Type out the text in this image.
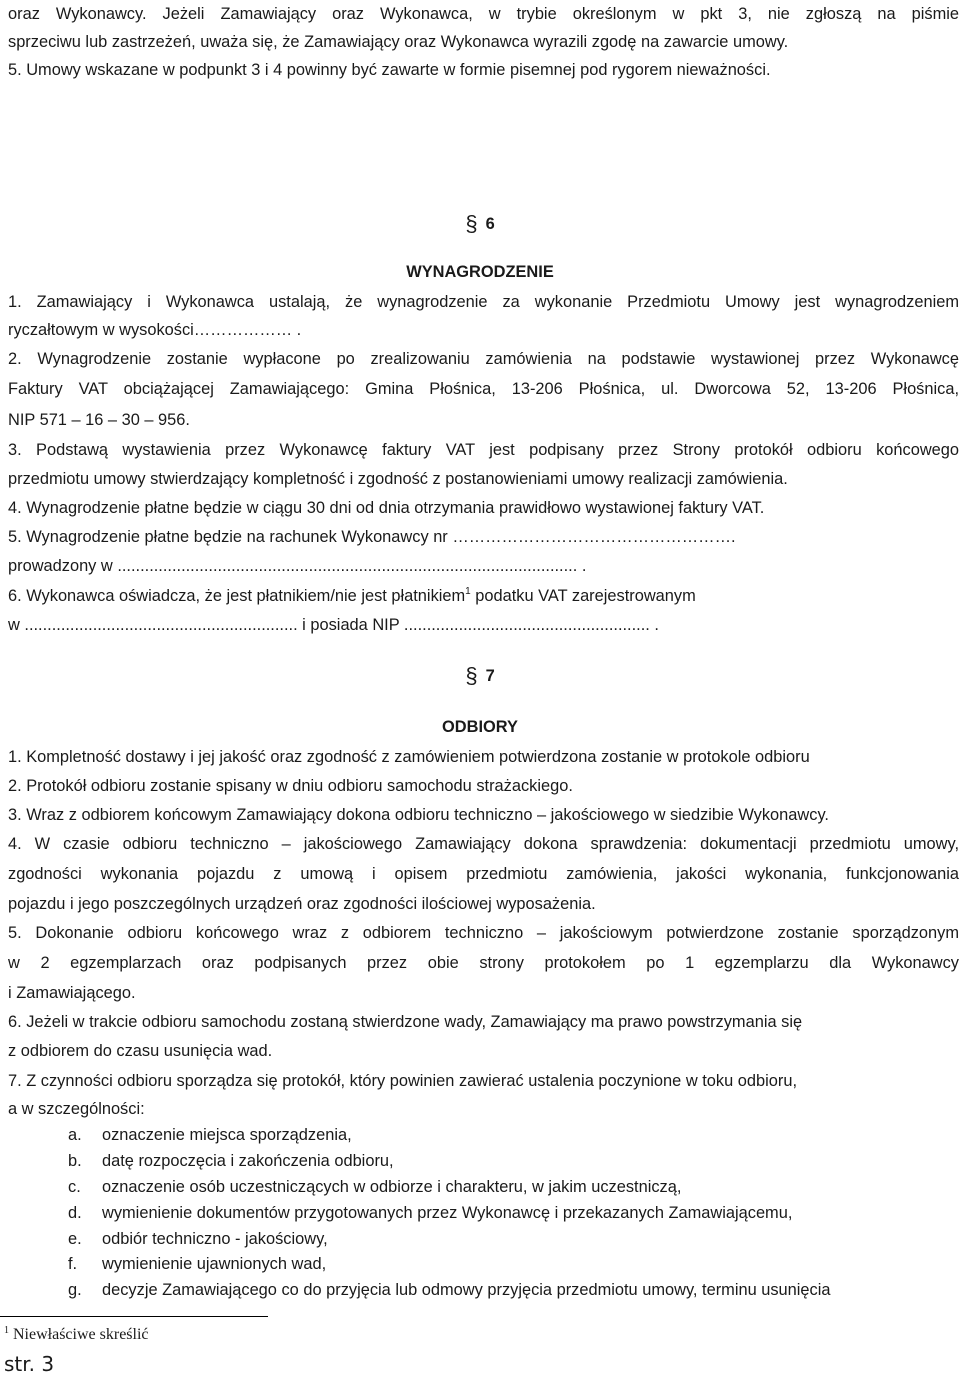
oraz Wykonawcy. Jeżeli Zamawiający oraz Wykonawca, w trybie określonym w pkt 3, nie zgłoszą na piśmie
sprzeciwu lub zastrzeżeń, uważa się, że Zamawiający oraz Wykonawca wyrazili zgodę na zawarcie umowy.
5. Umowy wskazane w podpunkt 3 i 4 powinny być zawarte w formie pisemnej pod rygorem nieważności.
§ 6
WYNAGRODZENIE
1. Zamawiający i Wykonawca ustalają, że wynagrodzenie za wykonanie Przedmiotu Umowy jest wynagrodzeniem
ryczałtowym w wysokości……………… .
2. Wynagrodzenie zostanie wypłacone po zrealizowaniu zamówienia na podstawie wystawionej przez Wykonawcę
Faktury VAT obciążającej Zamawiającego: Gmina Płośnica, 13-206 Płośnica, ul. Dworcowa 52, 13-206 Płośnica,
NIP 571 – 16 – 30 – 956.
3. Podstawą wystawienia przez Wykonawcę faktury VAT jest podpisany przez Strony protokół odbioru końcowego
przedmiotu umowy stwierdzający kompletność i zgodność z postanowieniami umowy realizacji zamówienia.
4. Wynagrodzenie płatne będzie w ciągu 30 dni od dnia otrzymania prawidłowo wystawionej faktury VAT.
5. Wynagrodzenie płatne będzie na rachunek Wykonawcy nr …………………………………………….
prowadzony w ..................................................................................................... .
6. Wykonawca oświadcza, że jest płatnikiem/nie jest płatnikiem$^1$ podatku VAT zarejestrowanym
w ............................................................ i posiada NIP ...................................................... .
§ 7
ODBIORY
1. Kompletność dostawy i jej jakość oraz zgodność z zamówieniem potwierdzona zostanie w protokole odbioru
2. Protokół odbioru zostanie spisany w dniu odbioru samochodu strażackiego.
3. Wraz z odbiorem końcowym Zamawiający dokona odbioru techniczno – jakościowego w siedzibie Wykonawcy.
4. W czasie odbioru techniczno – jakościowego Zamawiający dokona sprawdzenia: dokumentacji przedmiotu umowy,
zgodności wykonania pojazdu z umową i opisem przedmiotu zamówienia, jakości wykonania, funkcjonowania
pojazdu i jego poszczególnych urządzeń oraz zgodności ilościowej wyposażenia.
5. Dokonanie odbioru końcowego wraz z odbiorem techniczno – jakościowym potwierdzone zostanie sporządzonym
w 2 egzemplarzach oraz podpisanych przez obie strony protokołem po 1 egzemplarzu dla Wykonawcy
i Zamawiającego.
6. Jeżeli w trakcie odbioru samochodu zostaną stwierdzone wady, Zamawiający ma prawo powstrzymania się
z odbiorem do czasu usunięcia wad.
7. Z czynności odbioru sporządza się protokół, który powinien zawierać ustalenia poczynione w toku odbioru,
a w szczególności:
a. oznaczenie miejsca sporządzenia,
b. datę rozpoczęcia i zakończenia odbioru,
c. oznaczenie osób uczestniczących w odbiorze i charakteru, w jakim uczestniczą,
d. wymienienie dokumentów przygotowanych przez Wykonawcę i przekazanych Zamawiającemu,
e. odbiór techniczno - jakościowy,
f. wymienienie ujawnionych wad,
g. decyzje Zamawiającego co do przyjęcia lub odmowy przyjęcia przedmiotu umowy, terminu usunięcia
$^1$ Niewłaściwe skreślić
str. 3
